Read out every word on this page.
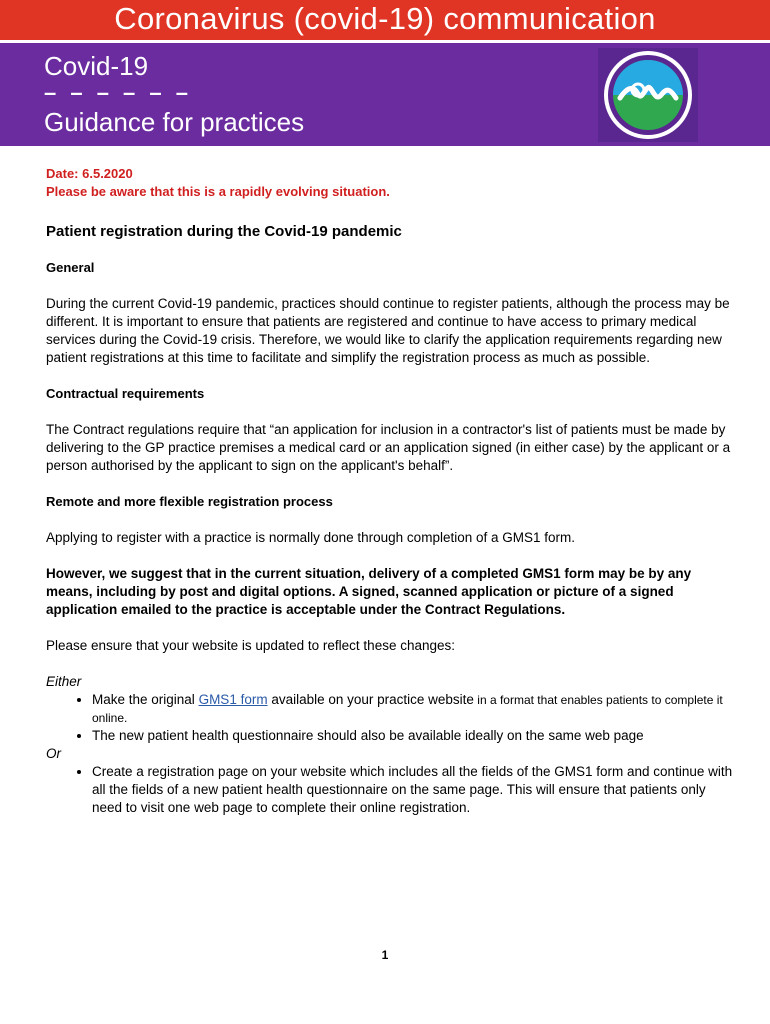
Coronavirus (covid-19) communication
Covid-19
– – – – – –
Guidance for practices

Date: 6.5.2020

Please be aware that this is a rapidly evolving situation.

Patient registration during the Covid-19 pandemic

General

During the current Covid-19 pandemic, practices should continue to register patients, although the process may be different. It is important to ensure that patients are registered and continue to have access to primary medical services during the Covid-19 crisis. Therefore, we would like to clarify the application requirements regarding new patient registrations at this time to facilitate and simplify the registration process as much as possible.

Contractual requirements

The Contract regulations require that “an application for inclusion in a contractor's list of patients must be made by delivering to the GP practice premises a medical card or an application signed (in either case) by the applicant or a person authorised by the applicant to sign on the applicant's behalf”.

Remote and more flexible registration process

Applying to register with a practice is normally done through completion of a GMS1 form.

However, we suggest that in the current situation, delivery of a completed GMS1 form may be by any means, including by post and digital options. A signed, scanned application or picture of a signed application emailed to the practice is acceptable under the Contract Regulations.

Please ensure that your website is updated to reflect these changes:

Either

• Make the original GMS1 form available on your practice website in a format that enables patients to complete it online.
• The new patient health questionnaire should also be available ideally on the same web page

Or

• Create a registration page on your website which includes all the fields of the GMS1 form and continue with all the fields of a new patient health questionnaire on the same page. This will ensure that patients only need to visit one web page to complete their online registration.
1
